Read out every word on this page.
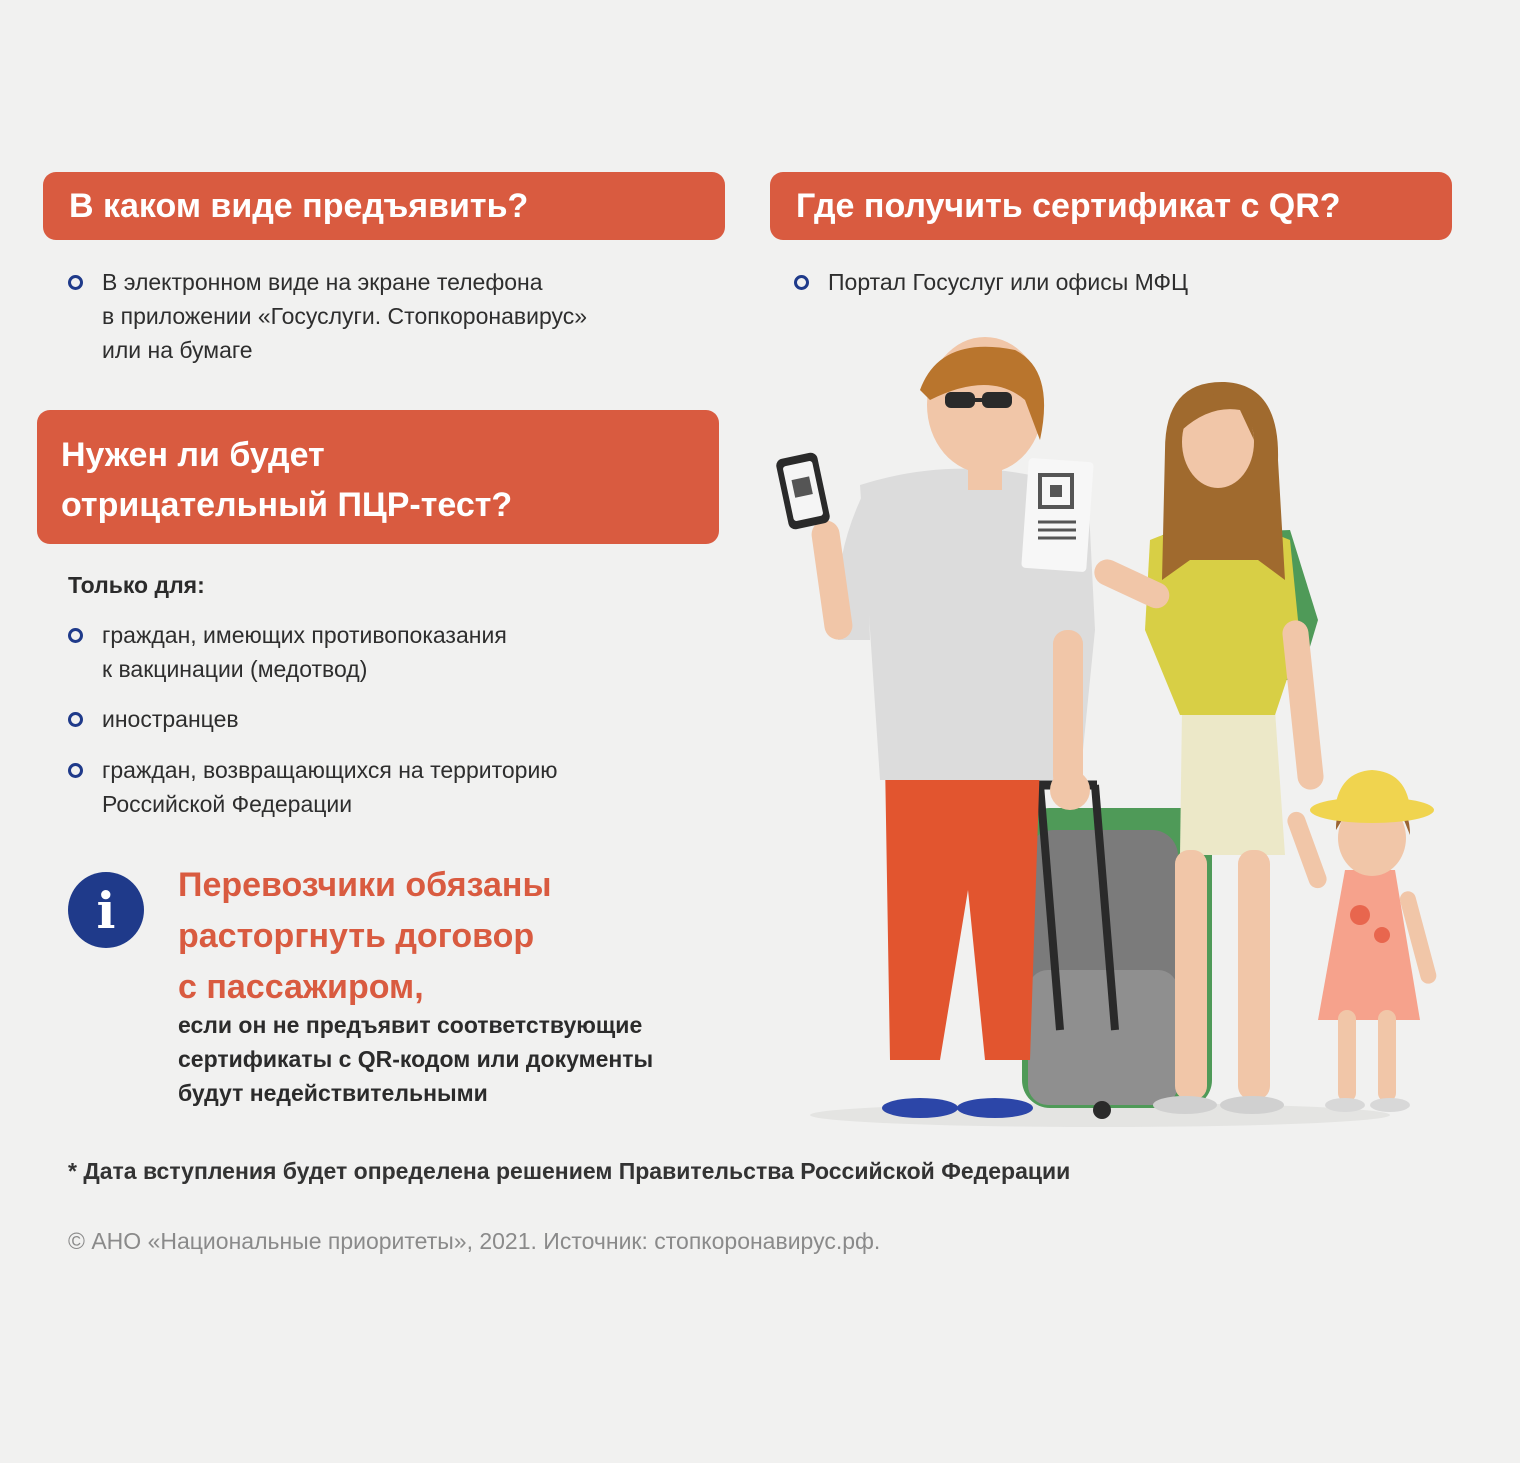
В каком виде предъявить?
В электронном виде на экране телефона
в приложении «Госуслуги. Стопкоронавирус»
или на бумаге
Где получить сертификат с QR?
Портал Госуслуг или офисы МФЦ
Нужен ли будет
отрицательный ПЦР-тест?
Только для:
граждан, имеющих противопоказания
к вакцинации (медотвод)
иностранцев
граждан, возвращающихся на территорию
Российской Федерации
i	Перевозчики обязаны
расторгнуть договор
с пассажиром,
если он не предъявит соответствующие
сертификаты с QR-кодом или документы
будут недействительными
* Дата вступления будет определена решением Правительства Российской Федерации
© АНО «Национальные приоритеты», 2021. Источник: стопкоронавирус.рф.
